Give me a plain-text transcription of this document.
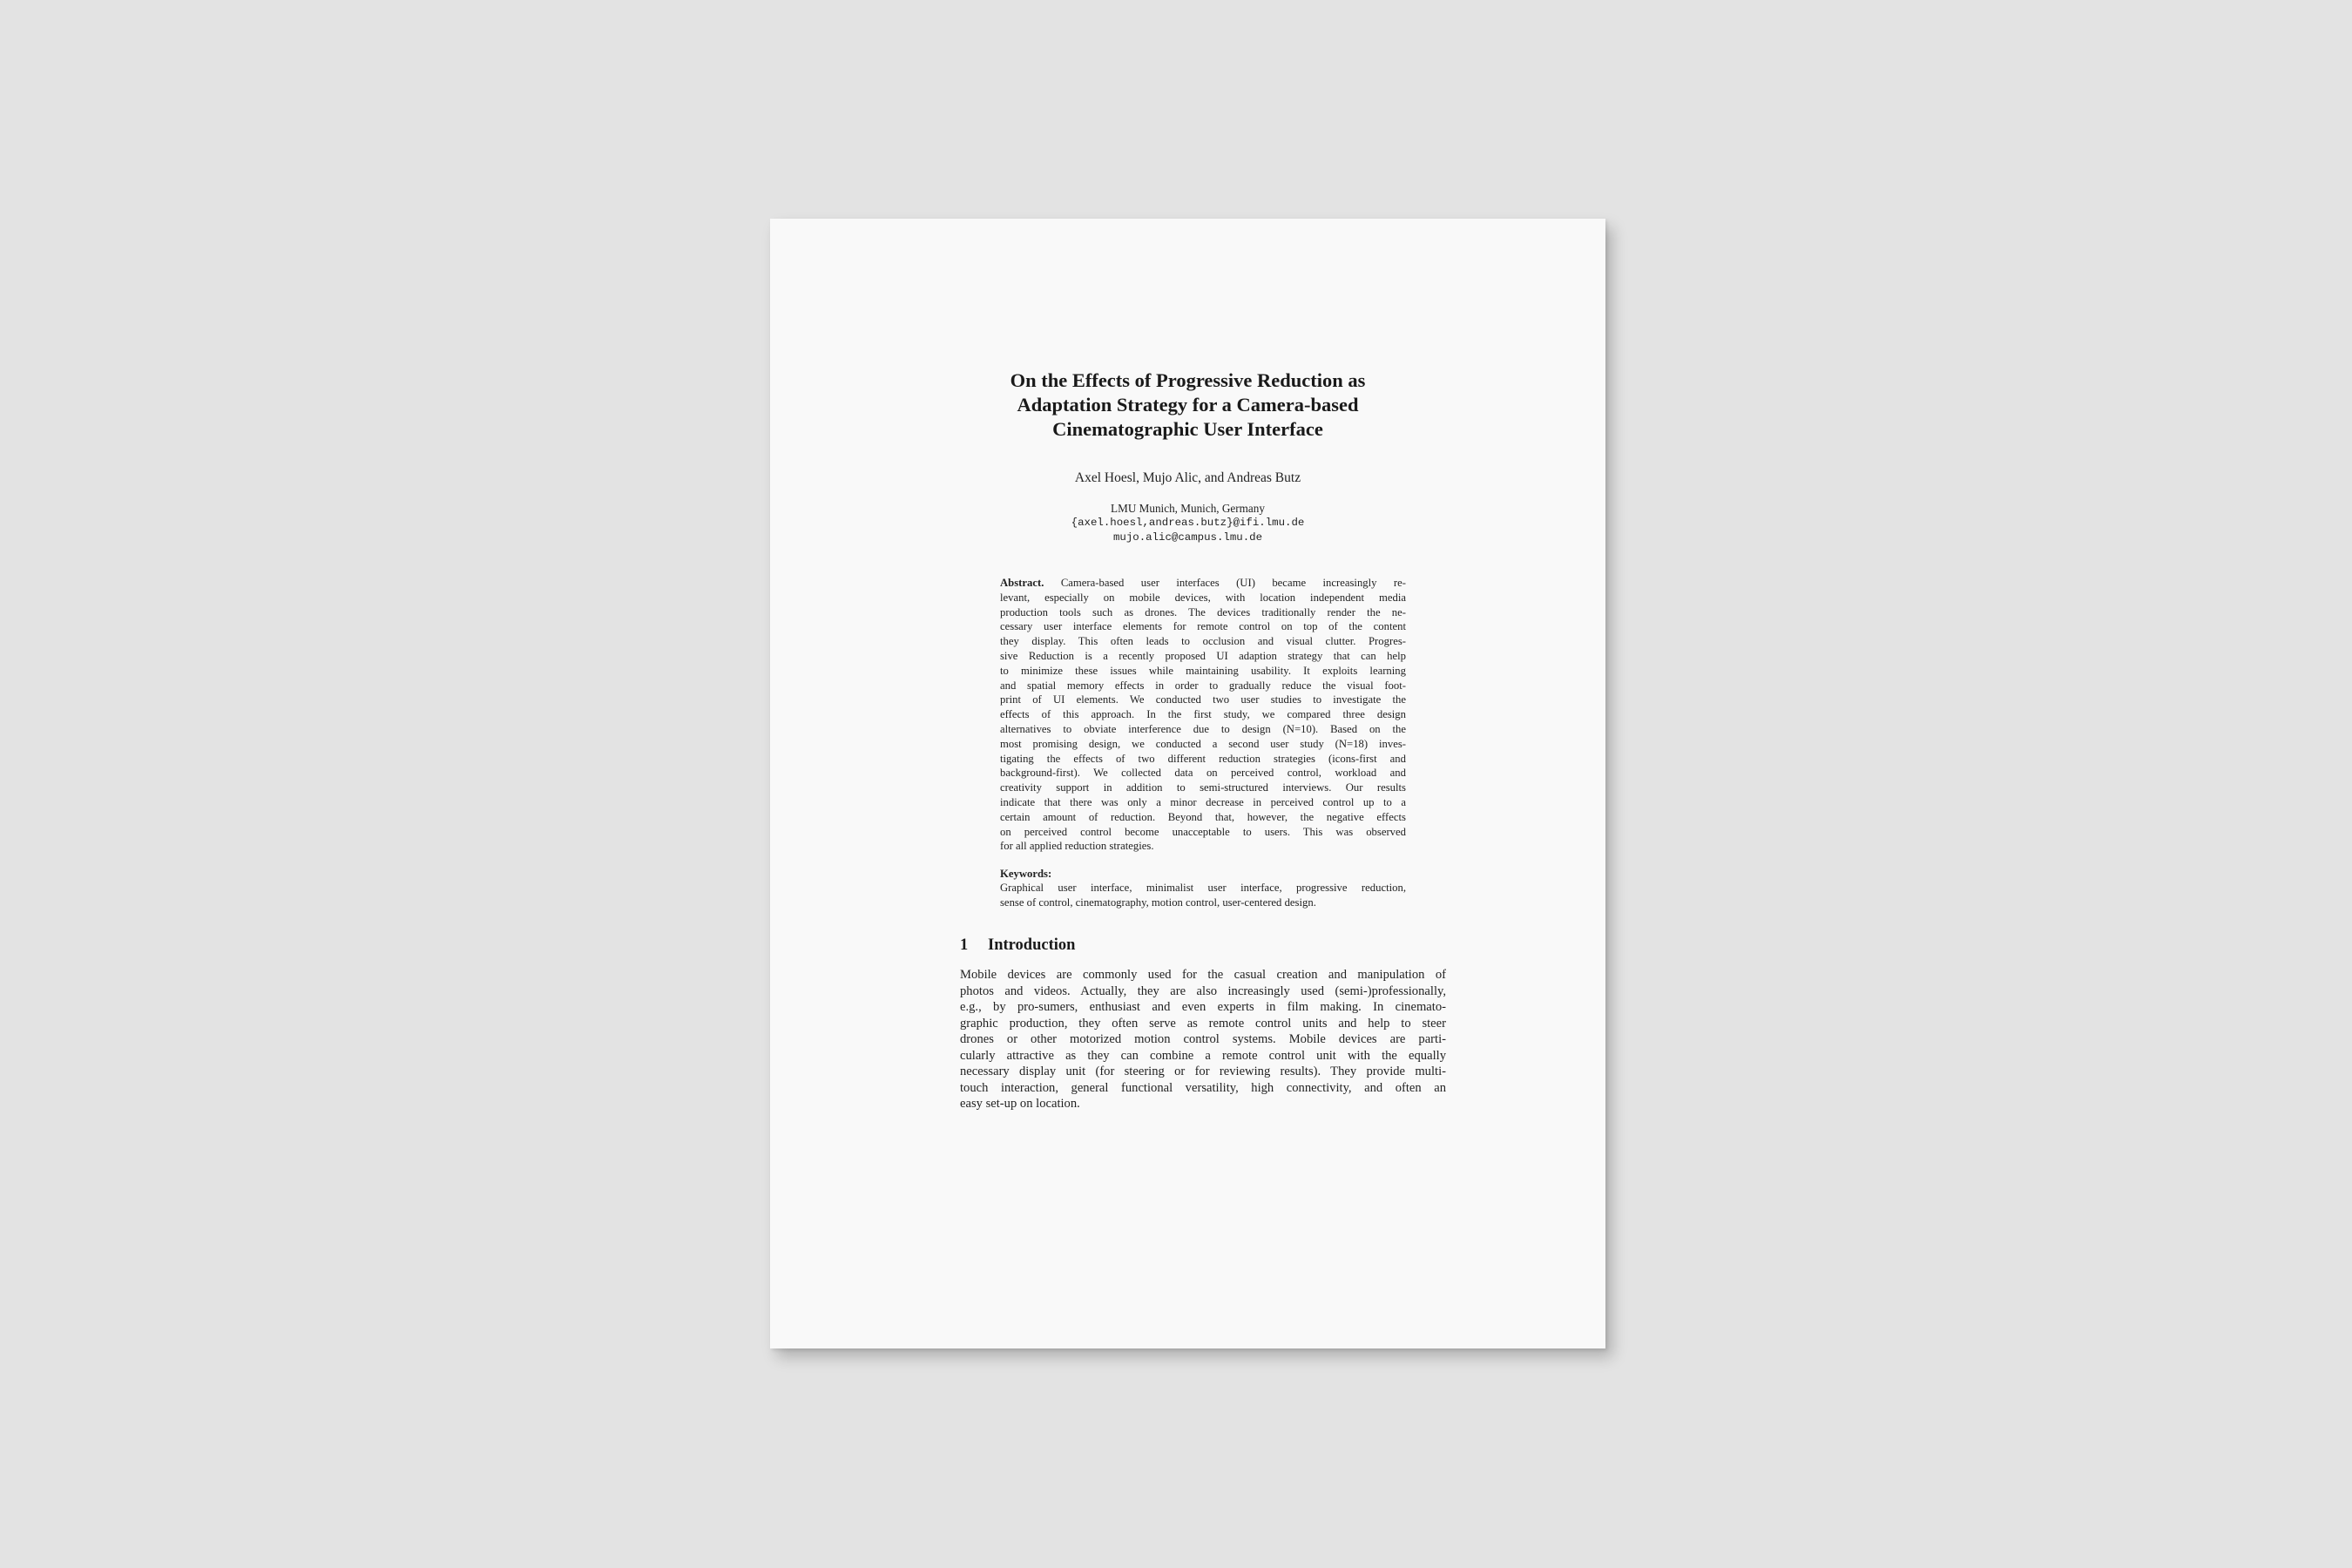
On the Effects of Progressive Reduction as
Adaptation Strategy for a Camera-based
Cinematographic User Interface
Axel Hoesl, Mujo Alic, and Andreas Butz
LMU Munich, Munich, Germany
{axel.hoesl,andreas.butz}@ifi.lmu.de
mujo.alic@campus.lmu.de
Abstract. Camera-based user interfaces (UI) became increasingly re-
levant, especially on mobile devices, with location independent media
production tools such as drones. The devices traditionally render the ne-
cessary user interface elements for remote control on top of the content
they display. This often leads to occlusion and visual clutter. Progres-
sive Reduction is a recently proposed UI adaption strategy that can help
to minimize these issues while maintaining usability. It exploits learning
and spatial memory effects in order to gradually reduce the visual foot-
print of UI elements. We conducted two user studies to investigate the
effects of this approach. In the first study, we compared three design
alternatives to obviate interference due to design (N=10). Based on the
most promising design, we conducted a second user study (N=18) inves-
tigating the effects of two different reduction strategies (icons-first and
background-first). We collected data on perceived control, workload and
creativity support in addition to semi-structured interviews. Our results
indicate that there was only a minor decrease in perceived control up to a
certain amount of reduction. Beyond that, however, the negative effects
on perceived control become unacceptable to users. This was observed
for all applied reduction strategies.
Keywords:
Graphical user interface, minimalist user interface, progressive reduction,
sense of control, cinematography, motion control, user-centered design.
1 Introduction
Mobile devices are commonly used for the casual creation and manipulation of
photos and videos. Actually, they are also increasingly used (semi-)professionally,
e.g., by pro-sumers, enthusiast and even experts in film making. In cinemato-
graphic production, they often serve as remote control units and help to steer
drones or other motorized motion control systems. Mobile devices are parti-
cularly attractive as they can combine a remote control unit with the equally
necessary display unit (for steering or for reviewing results). They provide multi-
touch interaction, general functional versatility, high connectivity, and often an
easy set-up on location.
